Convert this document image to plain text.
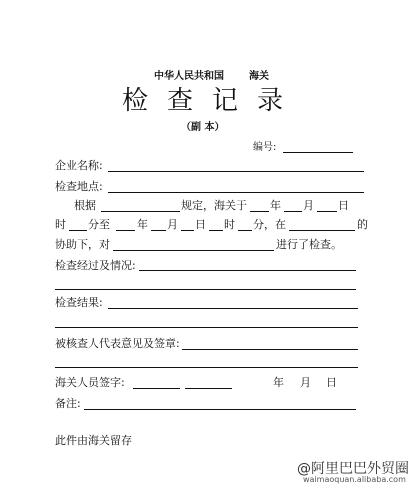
中华人民共和国	海关
检查记录
（副 本）
编号:
企业名称:
检查地点:
根据	规定，海关于 年 月 日
时 分至 年 月 日 时 分，在	的
协助下，对	进行了检查。
检查经过及情况:
检查结果:
被核查人代表意见及签章:
海关人员签字:	年 月 日
备注:
此件由海关留存
@阿里巴巴外贸圈
waimaoquan.alibaba.com
